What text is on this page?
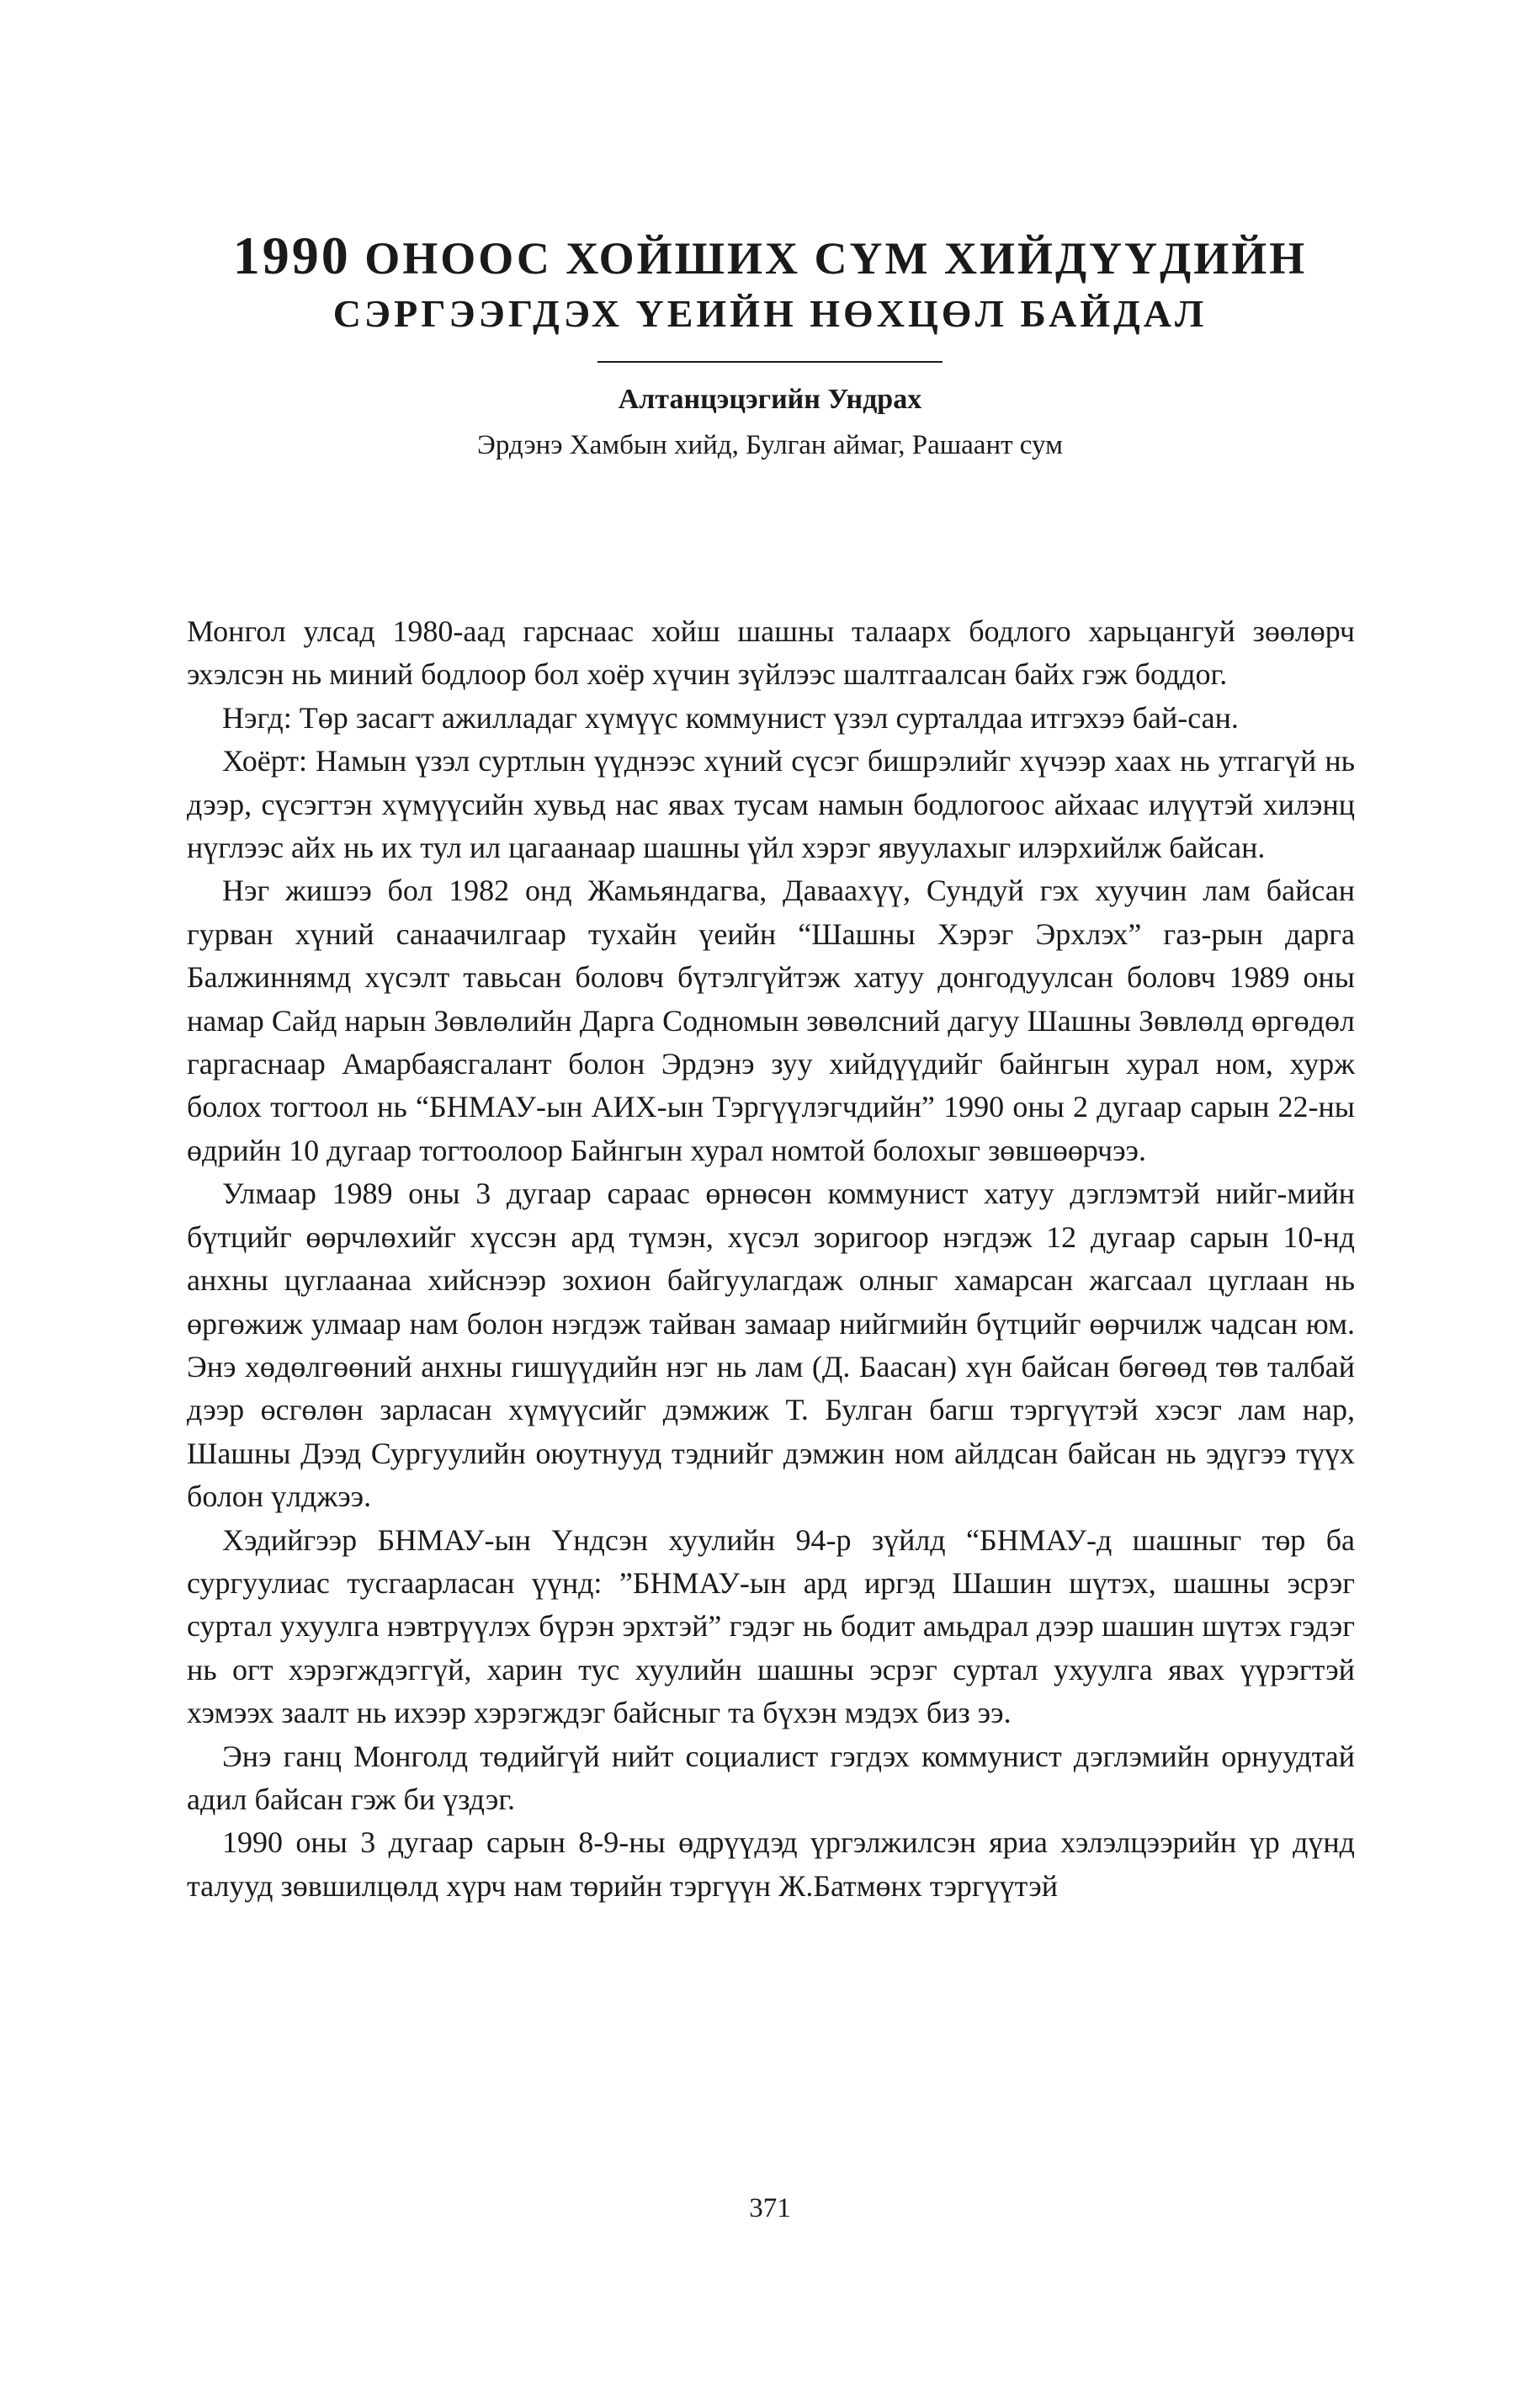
1990 ОНООС ХОЙШИХ СҮМ ХИЙДҮҮДИЙН
СЭРГЭЭГДЭХ ҮЕИЙН НӨХЦӨЛ БАЙДАЛ
Алтанцэцэгийн Ундрах
Эрдэнэ Хамбын хийд, Булган аймаг, Рашаант сум

Монгол улсад 1980-аад гарснаас хойш шашны талаарх бодлого харьцангуй зөөлөрч эхэлсэн нь миний бодлоор бол хоёр хүчин зүйлээс шалтгаалсан байх гэж боддог.

Нэгд: Төр засагт ажилладаг хүмүүс коммунист үзэл суртaлдаа итгэхээ бай-сан.

Хоёрт: Намын үзэл суртлын үүднээс хүний сүсэг бишрэлийг хүчээр хаах нь утгагүй нь дээр, сүсэгтэн хүмүүсийн хувьд нас явах тусам намын бодлогоос айхаас илүүтэй хилэнц нүглээс айх нь их тул ил цагаанаар шашны үйл хэрэг явуулахыг илэрхийлж байсан.

Нэг жишээ бол 1982 онд Жамьяндагва, Даваахүү, Сундуй гэх хуучин лам байсан гурван хүний санаачилгаар тухайн үеийн “Шашны Хэрэг Эрхлэх” газ-рын дарга Балжиннямд хүсэлт тавьсан боловч бүтэлгүйтэж хатуу донгодуулсан боловч 1989 оны намар Сайд нарын Зөвлөлийн Дарга Содномын зөвөлсний дагуу Шашны Зөвлөлд өргөдөл гаргаснаар Амарбаясгалант болон Эрдэнэ зуу хийдүүдийг байнгын хурал ном, хурж болох тогтоол нь “БНМАУ-ын АИХ-ын Тэргүүлэгчдийн” 1990 оны 2 дугаар сарын 22-ны өдрийн 10 дугаар тогтоолоор Байнгын хурал номтой болохыг зөвшөөрчээ.

Улмаар 1989 оны 3 дугаар сараас өрнөсөн коммунист хатуу дэглэмтэй нийг-мийн бүтцийг өөрчлөхийг хүссэн ард түмэн, хүсэл зоригоор нэгдэж 12 дугаар сарын 10-нд анхны цуглаанаа хийснээр зохион байгуулагдаж олныг хамарсан жагсаал цуглаан нь өргөжиж улмаар нам болон нэгдэж тайван замаар нийгмийн бүтцийг өөрчилж чадсан юм. Энэ хөдөлгөөний анхны гишүүдийн нэг нь лам (Д. Баасан) хүн байсан бөгөөд төв талбай дээр өсгөлөн зарласан хүмүүсийг дэмжиж Т. Булган багш тэргүүтэй хэсэг лам нар, Шашны Дээд Сургуулийн оюутнууд тэднийг дэмжин ном айлдсан байсан нь эдүгээ түүх болон үлджээ.

Хэдийгээр БНМАУ-ын Үндсэн хуулийн 94-р зүйлд “БНМАУ-д шашныг төр ба сургуулиас тусгаарласан үүнд: ”БНМАУ-ын ард иргэд Шашин шүтэх, шашны эсрэг суртал ухуулга нэвтрүүлэх бүрэн эрхтэй” гэдэг нь бодит амьдрал дээр шашин шүтэх гэдэг нь огт хэрэгждэггүй, харин тус хуулийн шашны эсрэг суртал ухуулга явах үүрэгтэй хэмээх заалт нь ихээр хэрэгждэг байсныг та бүхэн мэдэх биз ээ.

Энэ ганц Монголд төдийгүй нийт социалист гэгдэх коммунист дэглэмийн орнуудтай адил байсан гэж би үздэг.

1990 оны 3 дугаар сарын 8-9-ны өдрүүдэд үргэлжилсэн яриа хэлэлцээрийн үр дүнд талууд зөвшилцөлд хүрч нам төрийн тэргүүн Ж.Батмөнх тэргүүтэй

371
